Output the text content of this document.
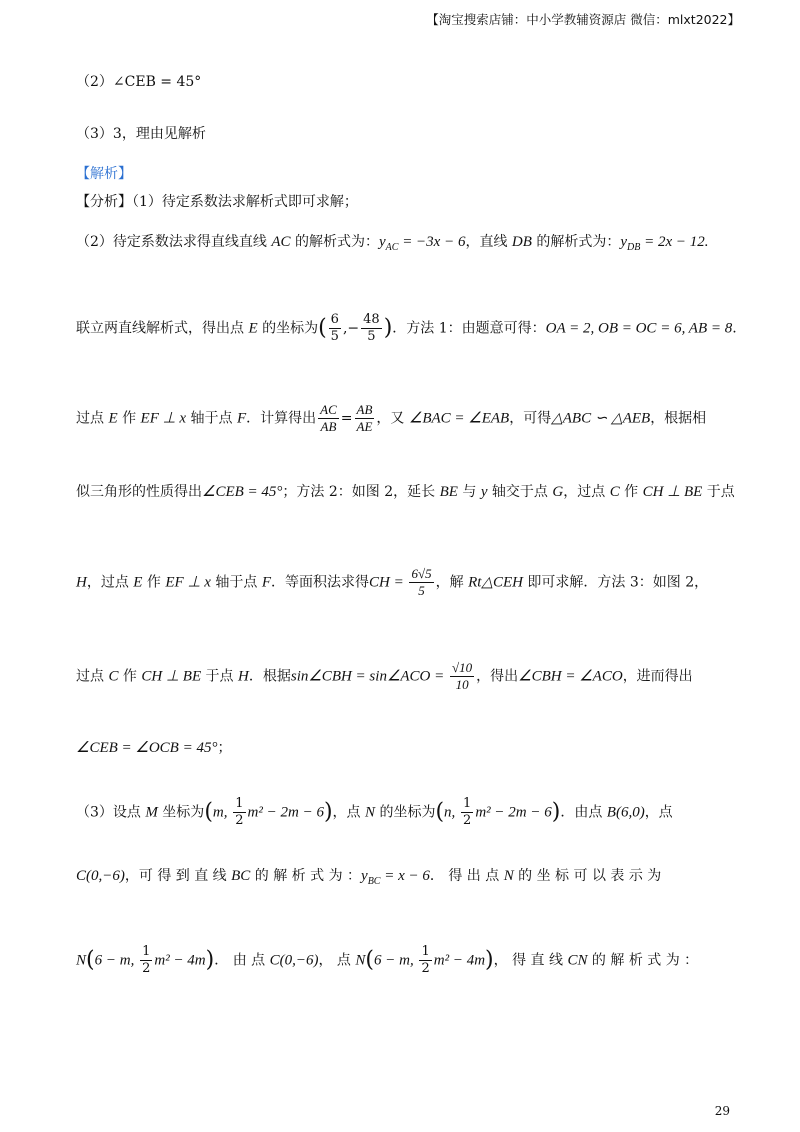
【淘宝搜索店铺：中小学教辅资源店 微信：mlxt2022】
（2）∠CEB = 45°
（3）3，理由见解析
【解析】
【分析】（1）待定系数法求解析式即可求解；
（2）待定系数法求得直线直线 AC 的解析式为：$y_{AC} = -3x - 6$，直线 DB 的解析式为：$y_{DB} = 2x - 12$.
联立两直线解析式，得出点 E 的坐标为( $\frac{6}{5}$ ,− $\frac{48}{5}$ )．方法 1：由题意可得：OA = 2, OB = OC = 6, AB = 8.
过点 E 作 EF ⊥ x 轴于点 F．计算得出 $\frac{AC}{AB} = \frac{AB}{AE}$ ，又 ∠BAC = ∠EAB，可得△ABC ∽ △AEB，根据相
似三角形的性质得出∠CEB = 45°；方法 2：如图 2，延长 BE 与 y 轴交于点 G，过点 C 作 CH ⊥ BE 于点
H，过点 E 作 EF ⊥ x 轴于点 F．等面积法求得CH = $\frac{6√5}{5}$ ，解 Rt△CEH 即可求解．方法 3：如图 2，
过点 C 作 CH ⊥ BE 于点 H．根据sin∠CBH = sin∠ACO = $\frac{√10}{10}$ ，得出∠CBH = ∠ACO，进而得出
∠CEB = ∠OCB = 45°；
（3）设点 M 坐标为(m, $\frac{1}{2} m^2 - 2m - 6$)，点 N 的坐标为(n, $\frac{1}{2} m^2 - 2m - 6$)．由点 B(6,0)，点
C(0,−6)，可 得 到 直 线 BC 的 解 析 式 为 ：$y_{BC} = x - 6$． 得 出 点 N 的 坐 标 可 以 表 示 为
N(6 − m, $\frac{1}{2} m^2 - 4m$)． 由 点 C(0,−6)， 点 N(6 − m, $\frac{1}{2} m^2 - 4m$)， 得 直 线 CN 的 解 析 式 为 ：
29
